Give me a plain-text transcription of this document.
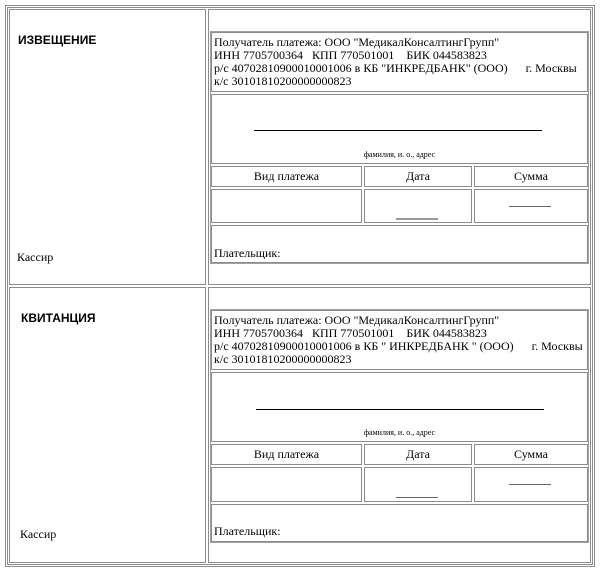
ИЗВЕЩЕНИЕ
Кассир
Получатель платежа: ООО "МедикалКонсалтингГрупп"
ИНН 7705700364   КПП 770501001    БИК 044583823
р/с 40702810900010001006 в КБ "ИНКРЕДБАНК" (ООО)      г. Москвы
к/с 30101810200000000823
фамилия, и. о., адрес
Вид платежа	Дата	Сумма
Плательщик:
КВИТАНЦИЯ
Кассир
Получатель платежа: ООО "МедикалКонсалтингГрупп"
ИНН 7705700364   КПП 770501001    БИК 044583823
р/с 40702810900010001006 в КБ " ИНКРЕДБАНК " (ООО)      г. Москвы
к/с 30101810200000000823
фамилия, и. о., адрес
Вид платежа	Дата	Сумма
Плательщик:
